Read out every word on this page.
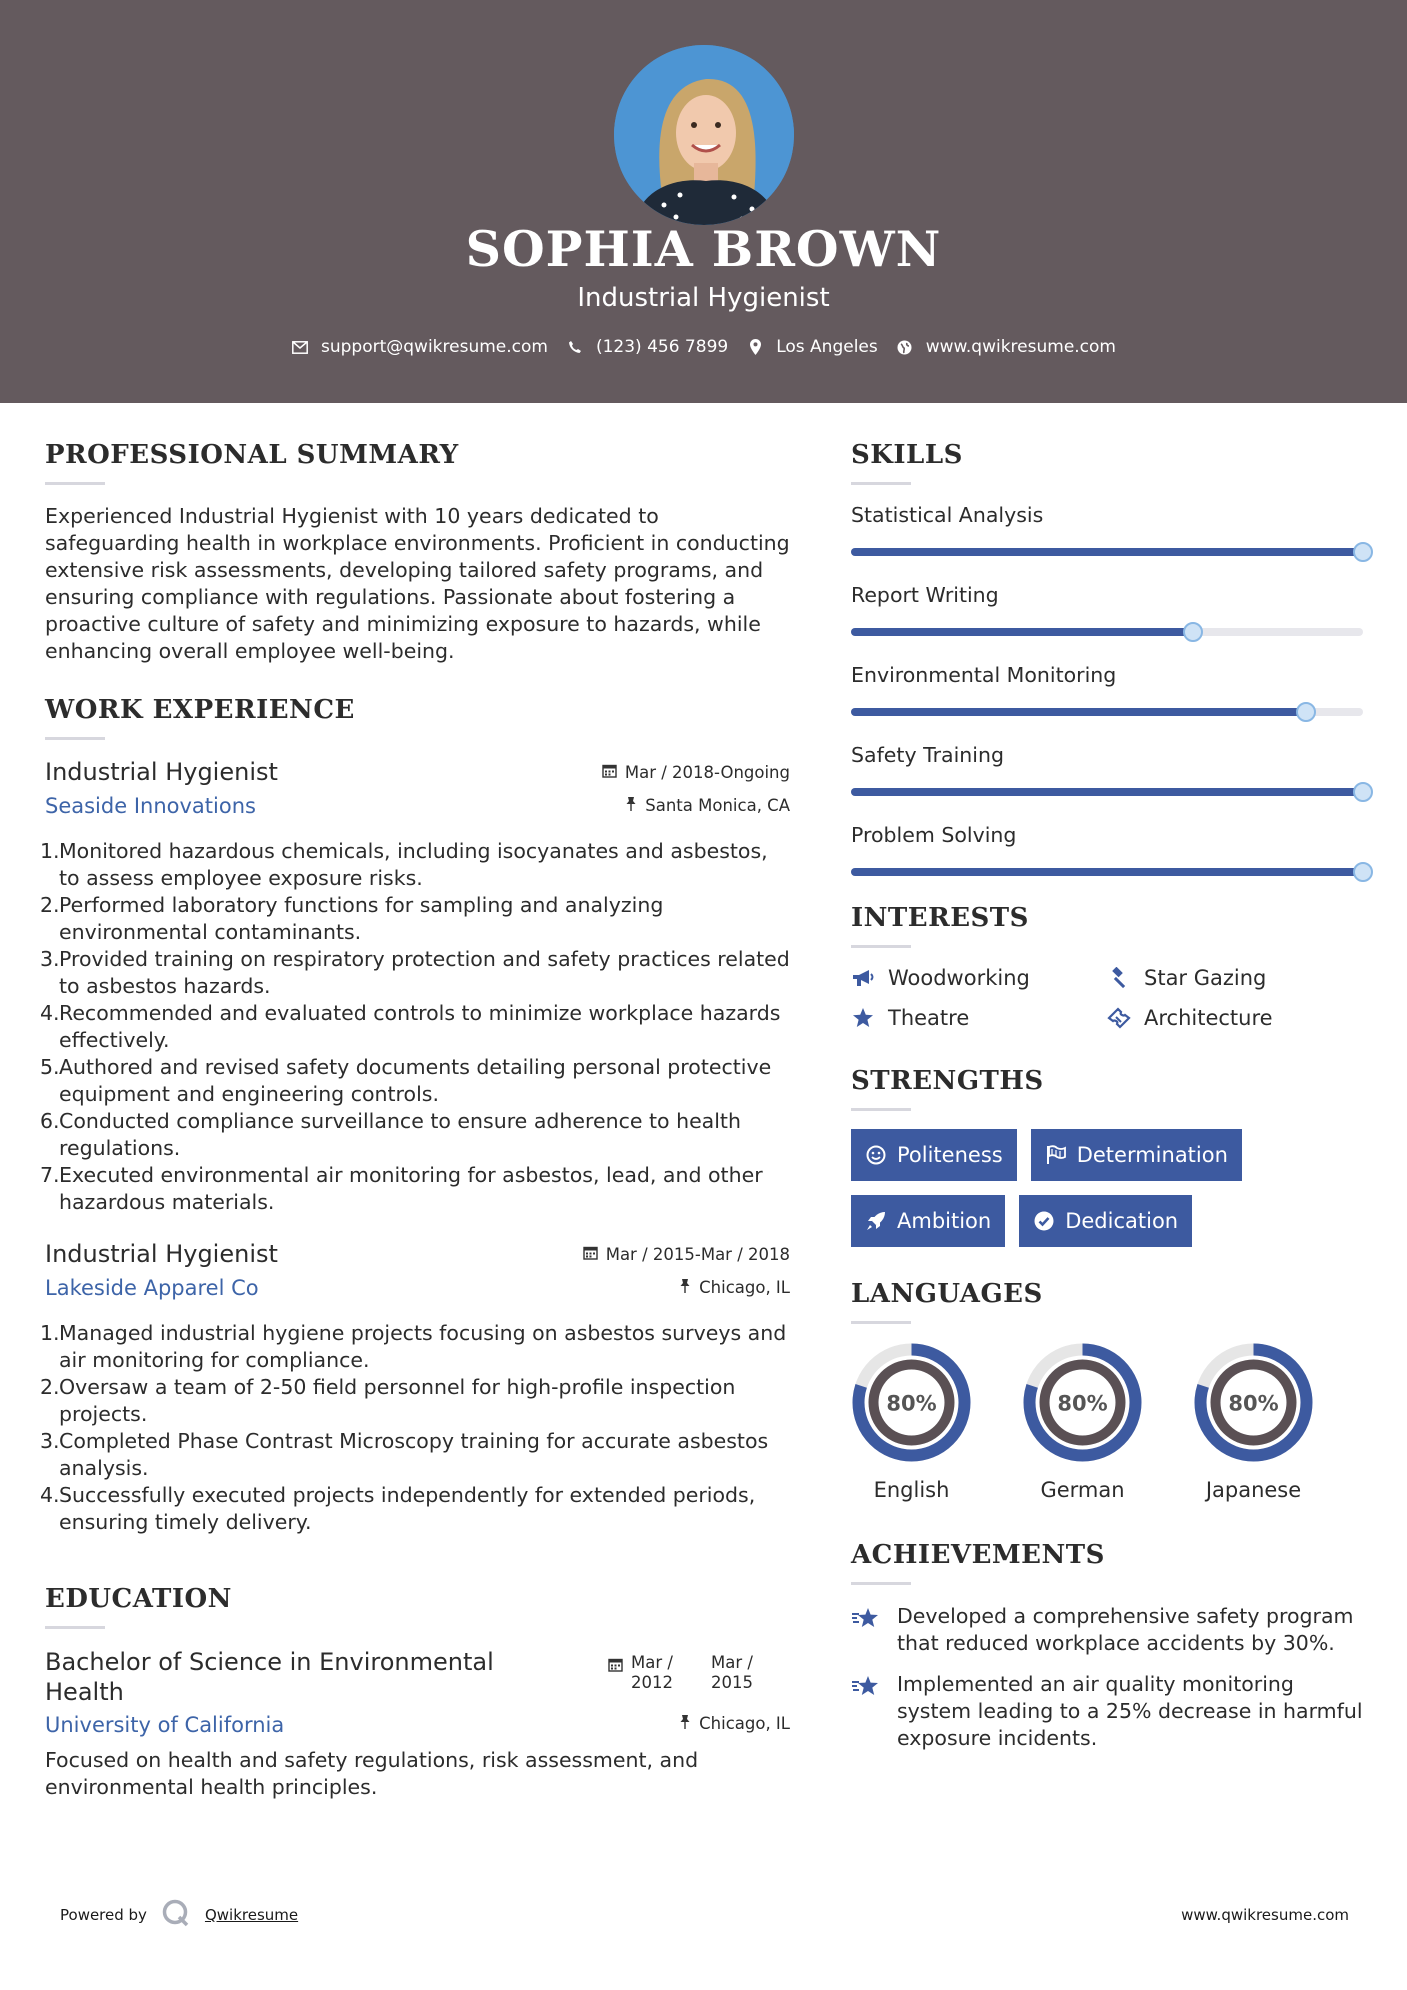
SOPHIA BROWN
Industrial Hygienist
support@qwikresume.com	(123) 456 7899	Los Angeles	www.qwikresume.com
PROFESSIONAL SUMMARY

Experienced Industrial Hygienist with 10 years dedicated to safeguarding health in workplace environments. Proficient in conducting extensive risk assessments, developing tailored safety programs, and ensuring compliance with regulations. Passionate about fostering a proactive culture of safety and minimizing exposure to hazards, while enhancing overall employee well-being.

WORK EXPERIENCE
Industrial Hygienist	Mar / 2018-Ongoing
Seaside Innovations	Santa Monica, CA
1. Monitored hazardous chemicals, including isocyanates and asbestos, to assess employee exposure risks.
2. Performed laboratory functions for sampling and analyzing environmental contaminants.
3. Provided training on respiratory protection and safety practices related to asbestos hazards.
4. Recommended and evaluated controls to minimize workplace hazards effectively.
5. Authored and revised safety documents detailing personal protective equipment and engineering controls.
6. Conducted compliance surveillance to ensure adherence to health regulations.
7. Executed environmental air monitoring for asbestos, lead, and other hazardous materials.
Industrial Hygienist	Mar / 2015-Mar / 2018
Lakeside Apparel Co	Chicago, IL
1. Managed industrial hygiene projects focusing on asbestos surveys and air monitoring for compliance.
2. Oversaw a team of 2-50 field personnel for high-profile inspection projects.
3. Completed Phase Contrast Microscopy training for accurate asbestos analysis.
4. Successfully executed projects independently for extended periods, ensuring timely delivery.
EDUCATION
Bachelor of Science in Environmental Health
Mar /
2012
Mar /
2015
University of California	Chicago, IL

Focused on health and safety regulations, risk assessment, and environmental health principles.

SKILLS
Statistical Analysis
Report Writing
Environmental Monitoring
Safety Training
Problem Solving
INTERESTS
Woodworking	Star Gazing
Theatre	Architecture
STRENGTHS
Politeness	Determination
Ambition	Dedication
LANGUAGES
80%
English
80%
German
80%
Japanese
ACHIEVEMENTS
Developed a comprehensive safety program that reduced workplace accidents by 30%.
Implemented an air quality monitoring system leading to a 25% decrease in harmful exposure incidents.
Powered by	Qwikresume	www.qwikresume.com
